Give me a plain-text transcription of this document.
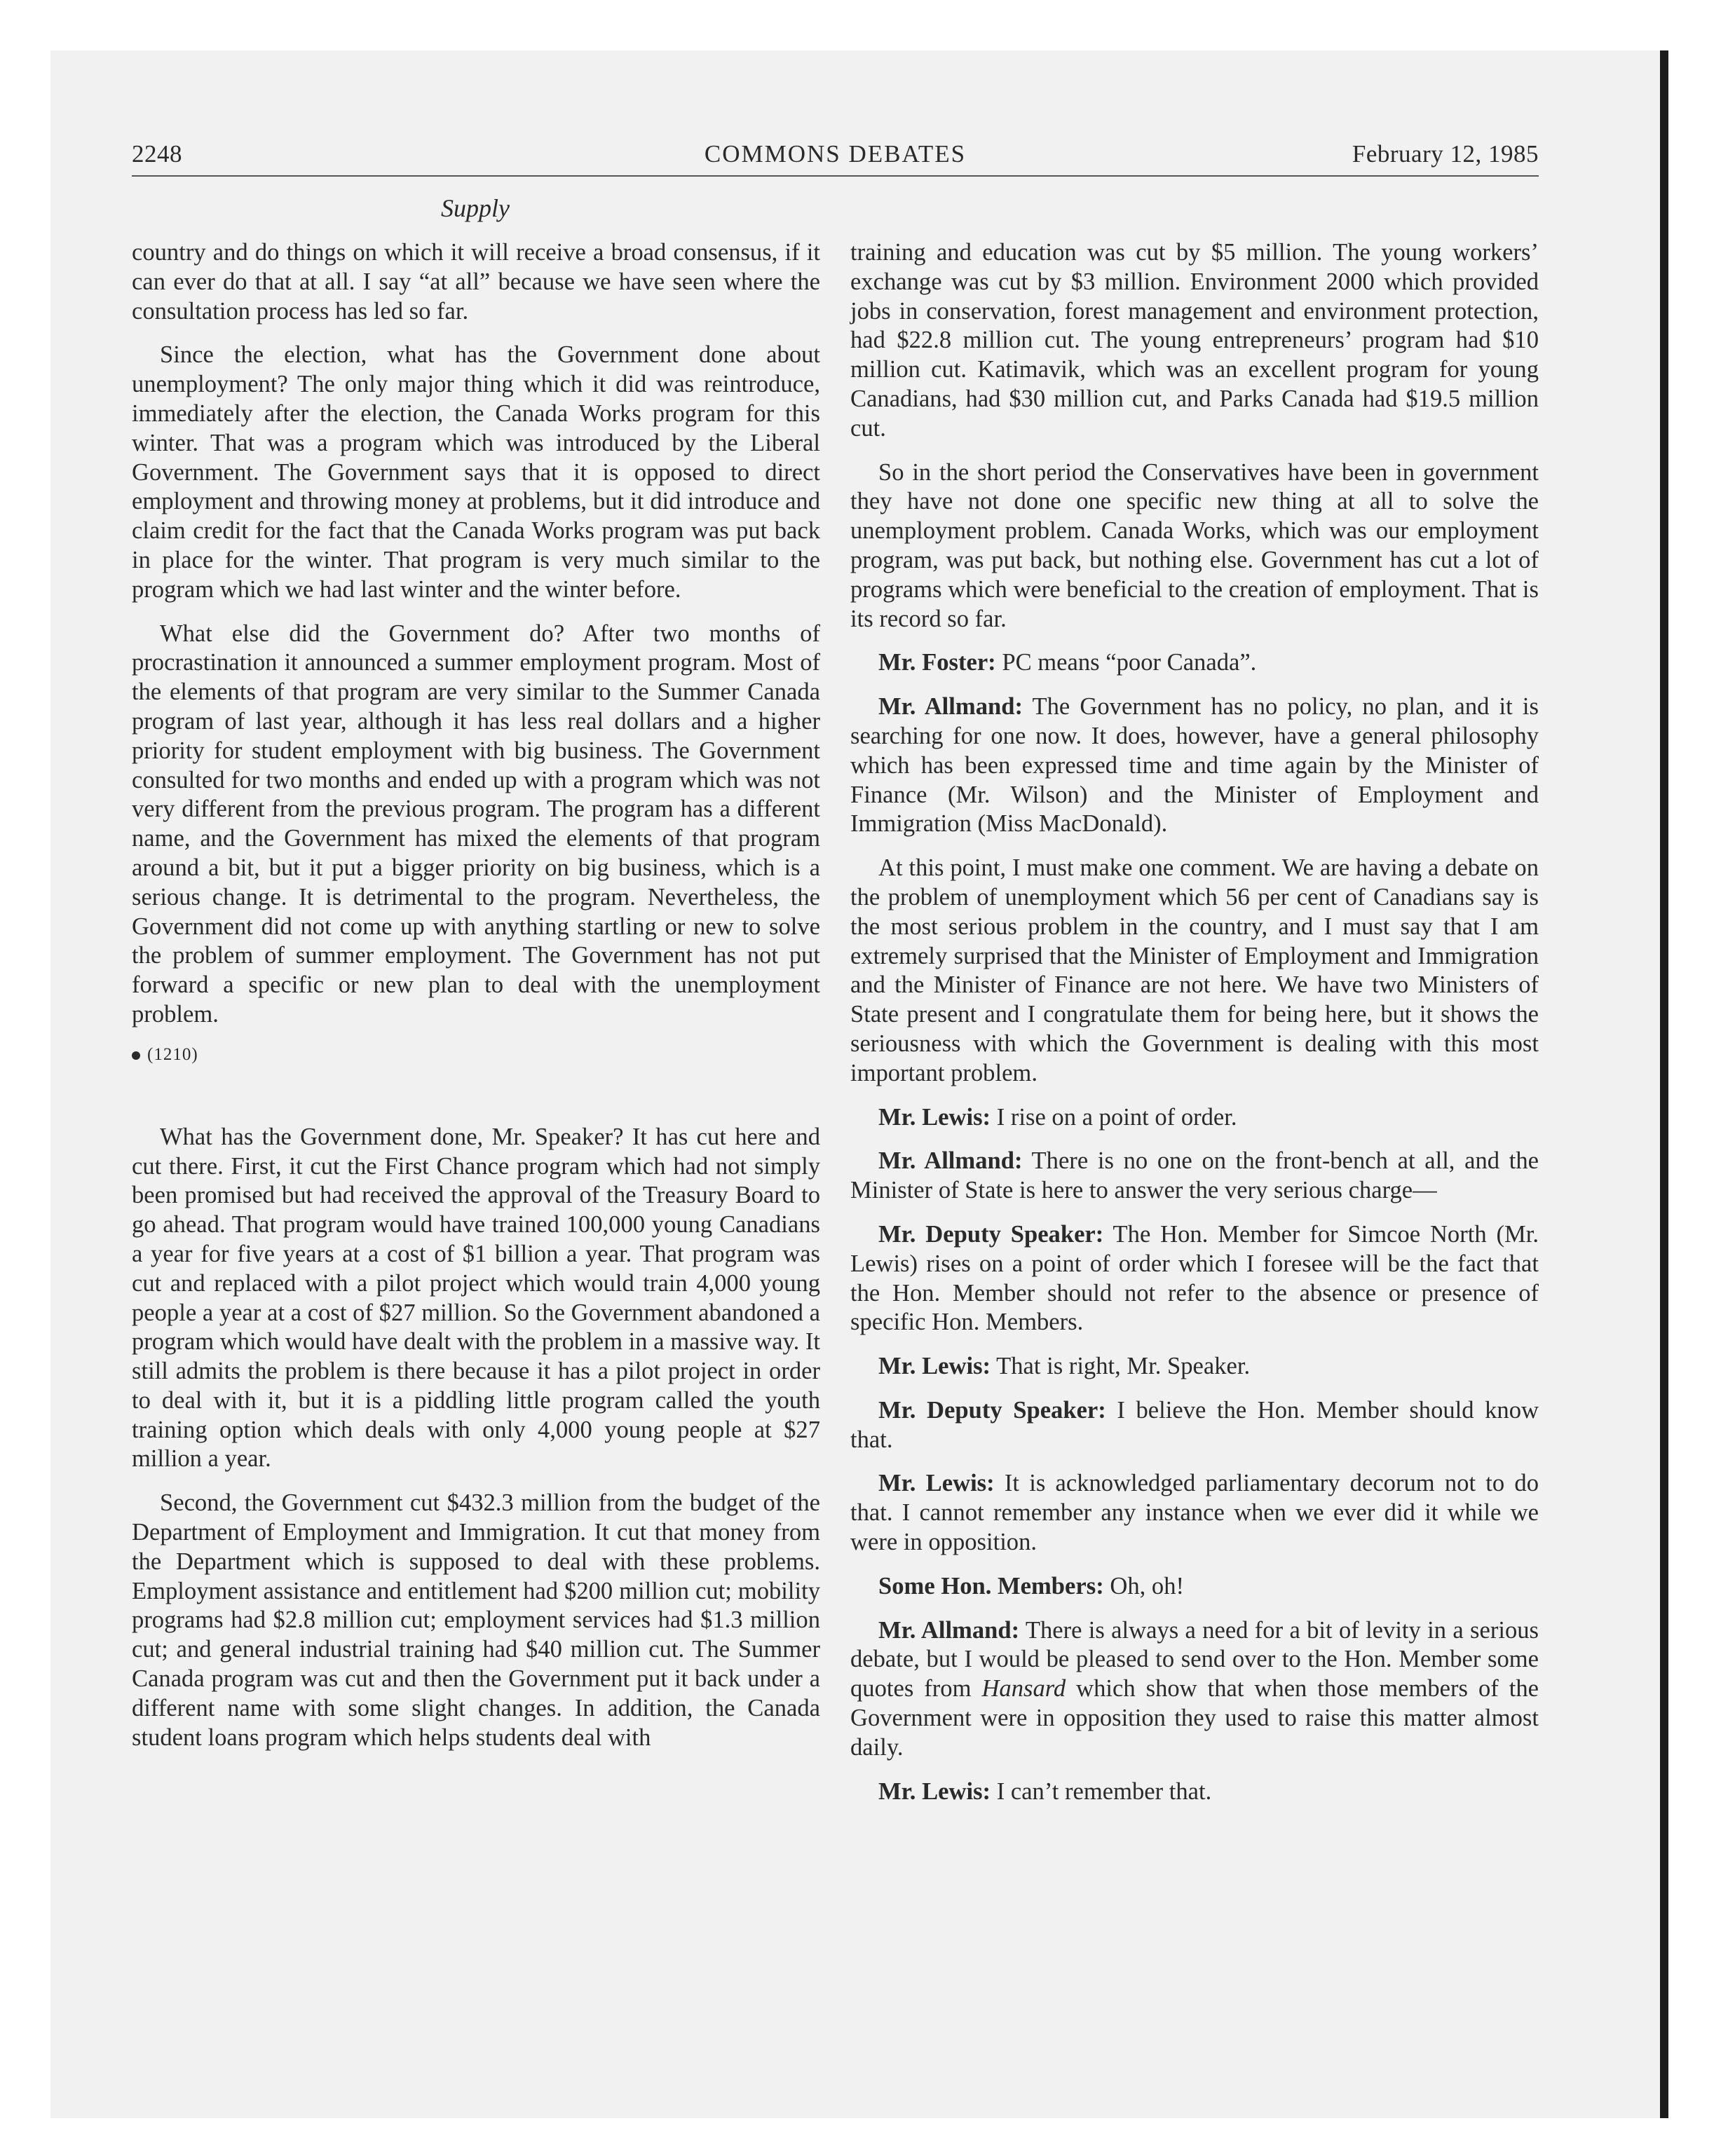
2248	COMMONS DEBATES	February 12, 1985
Supply

country and do things on which it will receive a broad consensus, if it can ever do that at all. I say “at all” because we have seen where the consultation process has led so far.

Since the election, what has the Government done about unemployment? The only major thing which it did was reintroduce, immediately after the election, the Canada Works program for this winter. That was a program which was introduced by the Liberal Government. The Government says that it is opposed to direct employment and throwing money at problems, but it did introduce and claim credit for the fact that the Canada Works program was put back in place for the winter. That program is very much similar to the program which we had last winter and the winter before.

What else did the Government do? After two months of procrastination it announced a summer employment program. Most of the elements of that program are very similar to the Summer Canada program of last year, although it has less real dollars and a higher priority for student employment with big business. The Government consulted for two months and ended up with a program which was not very different from the previous program. The program has a different name, and the Government has mixed the elements of that program around a bit, but it put a bigger priority on big business, which is a serious change. It is detrimental to the program. Nevertheless, the Government did not come up with anything startling or new to solve the problem of summer employment. The Government has not put forward a specific or new plan to deal with the unemployment problem.

(1210)

What has the Government done, Mr. Speaker? It has cut here and cut there. First, it cut the First Chance program which had not simply been promised but had received the approval of the Treasury Board to go ahead. That program would have trained 100,000 young Canadians a year for five years at a cost of $1 billion a year. That program was cut and replaced with a pilot project which would train 4,000 young people a year at a cost of $27 million. So the Government abandoned a program which would have dealt with the problem in a massive way. It still admits the problem is there because it has a pilot project in order to deal with it, but it is a piddling little program called the youth training option which deals with only 4,000 young people at $27 million a year.

Second, the Government cut $432.3 million from the budget of the Department of Employment and Immigration. It cut that money from the Department which is supposed to deal with these problems. Employment assistance and entitlement had $200 million cut; mobility programs had $2.8 million cut; employment services had $1.3 million cut; and general industrial training had $40 million cut. The Summer Canada program was cut and then the Government put it back under a different name with some slight changes. In addition, the Canada student loans program which helps students deal with

training and education was cut by $5 million. The young workers’ exchange was cut by $3 million. Environment 2000 which provided jobs in conservation, forest management and environment protection, had $22.8 million cut. The young entrepreneurs’ program had $10 million cut. Katimavik, which was an excellent program for young Canadians, had $30 million cut, and Parks Canada had $19.5 million cut.

So in the short period the Conservatives have been in government they have not done one specific new thing at all to solve the unemployment problem. Canada Works, which was our employment program, was put back, but nothing else. Government has cut a lot of programs which were beneficial to the creation of employment. That is its record so far.

Mr. Foster: PC means “poor Canada”.

Mr. Allmand: The Government has no policy, no plan, and it is searching for one now. It does, however, have a general philosophy which has been expressed time and time again by the Minister of Finance (Mr. Wilson) and the Minister of Employment and Immigration (Miss MacDonald).

At this point, I must make one comment. We are having a debate on the problem of unemployment which 56 per cent of Canadians say is the most serious problem in the country, and I must say that I am extremely surprised that the Minister of Employment and Immigration and the Minister of Finance are not here. We have two Ministers of State present and I congratulate them for being here, but it shows the seriousness with which the Government is dealing with this most important problem.

Mr. Lewis: I rise on a point of order.

Mr. Allmand: There is no one on the front-bench at all, and the Minister of State is here to answer the very serious charge—

Mr. Deputy Speaker: The Hon. Member for Simcoe North (Mr. Lewis) rises on a point of order which I foresee will be the fact that the Hon. Member should not refer to the absence or presence of specific Hon. Members.

Mr. Lewis: That is right, Mr. Speaker.

Mr. Deputy Speaker: I believe the Hon. Member should know that.

Mr. Lewis: It is acknowledged parliamentary decorum not to do that. I cannot remember any instance when we ever did it while we were in opposition.

Some Hon. Members: Oh, oh!

Mr. Allmand: There is always a need for a bit of levity in a serious debate, but I would be pleased to send over to the Hon. Member some quotes from Hansard which show that when those members of the Government were in opposition they used to raise this matter almost daily.

Mr. Lewis: I can’t remember that.
